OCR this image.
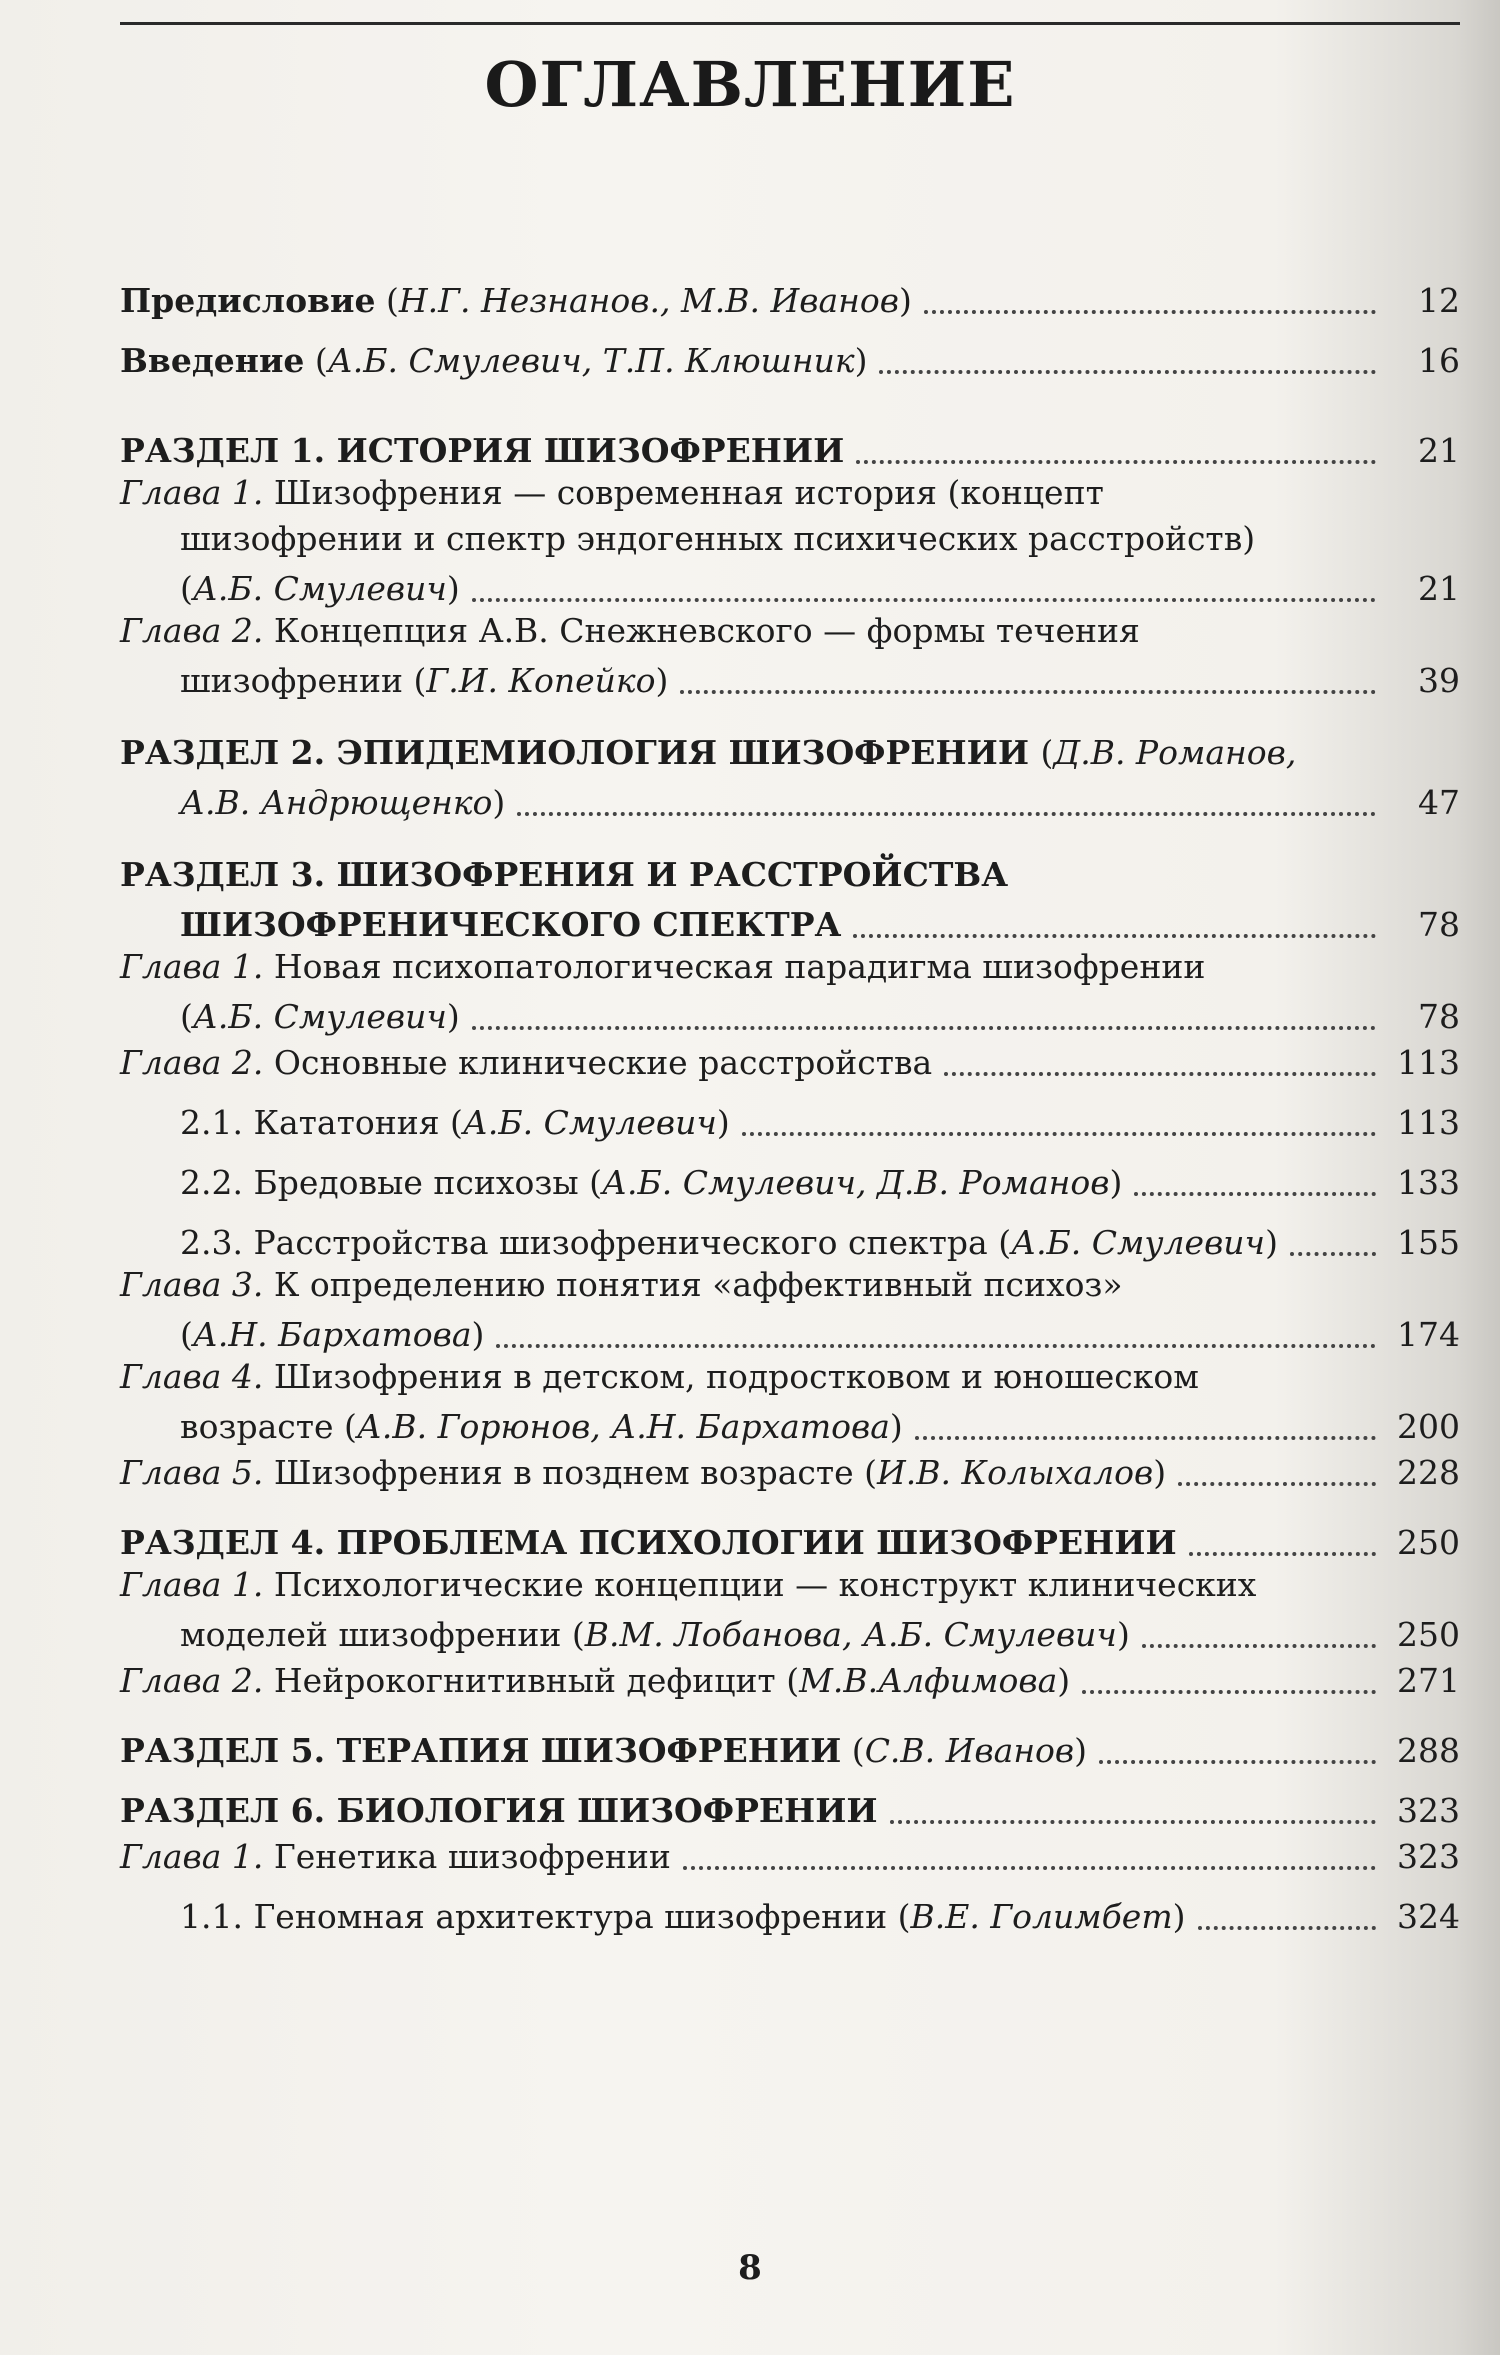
ОГЛАВЛЕНИЕ
Предисловие (Н.Г. Незнанов., М.В. Иванов)	12
Введение (А.Б. Смулевич, Т.П. Клюшник)	16
РАЗДЕЛ 1. ИСТОРИЯ ШИЗОФРЕНИИ	21
Глава 1. Шизофрения — современная история (концепт
шизофрении и спектр эндогенных психических расстройств)
(А.Б. Смулевич)	21
Глава 2. Концепция А.В. Снежневского — формы течения
шизофрении (Г.И. Копейко)	39
РАЗДЕЛ 2. ЭПИДЕМИОЛОГИЯ ШИЗОФРЕНИИ (Д.В. Романов,
А.В. Андрющенко)	47
РАЗДЕЛ 3. ШИЗОФРЕНИЯ И РАССТРОЙСТВА
ШИЗОФРЕНИЧЕСКОГО СПЕКТРА	78
Глава 1. Новая психопатологическая парадигма шизофрении
(А.Б. Смулевич)	78
Глава 2. Основные клинические расстройства	113
2.1. Кататония (А.Б. Смулевич)	113
2.2. Бредовые психозы (А.Б. Смулевич, Д.В. Романов)	133
2.3. Расстройства шизофренического спектра (А.Б. Смулевич)	155
Глава 3. К определению понятия «аффективный психоз»
(А.Н. Бархатова)	174
Глава 4. Шизофрения в детском, подростковом и юношеском
возрасте (А.В. Горюнов, А.Н. Бархатова)	200
Глава 5. Шизофрения в позднем возрасте (И.В. Колыхалов)	228
РАЗДЕЛ 4. ПРОБЛЕМА ПСИХОЛОГИИ ШИЗОФРЕНИИ	250
Глава 1. Психологические концепции — конструкт клинических
моделей шизофрении (В.М. Лобанова, А.Б. Смулевич)	250
Глава 2. Нейрокогнитивный дефицит (М.В.Алфимова)	271
РАЗДЕЛ 5. ТЕРАПИЯ ШИЗОФРЕНИИ (С.В. Иванов)	288
РАЗДЕЛ 6. БИОЛОГИЯ ШИЗОФРЕНИИ	323
Глава 1. Генетика шизофрении	323
1.1. Геномная архитектура шизофрении (В.Е. Голимбет)	324
8
